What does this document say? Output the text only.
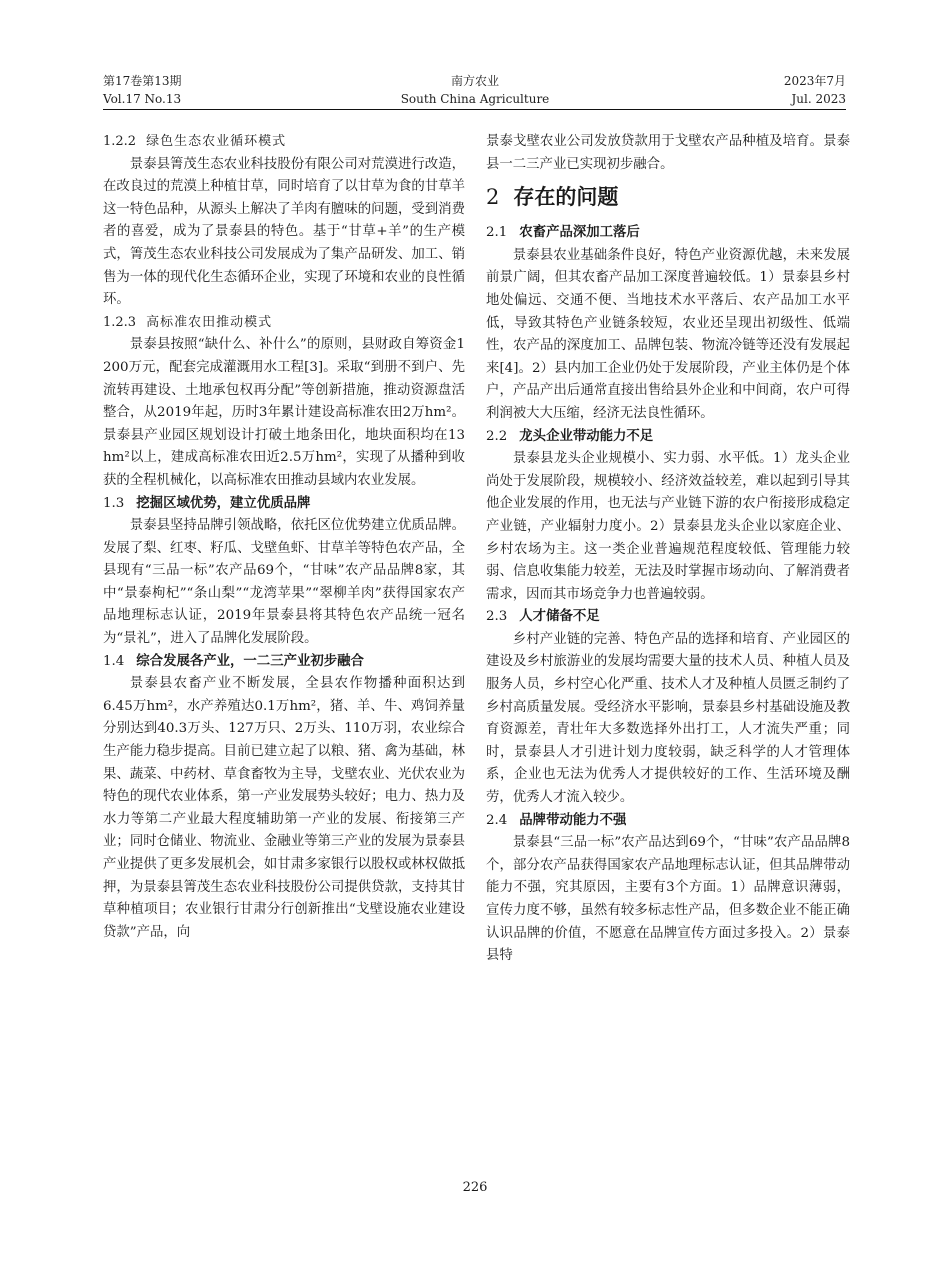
第17卷第13期
Vol.17 No.13
南方农业
South China Agriculture
2023年7月
Jul. 2023
1.2.2 绿色生态农业循环模式
景泰县箐茂生态农业科技股份有限公司对荒漠进行改造，在改良过的荒漠上种植甘草，同时培育了以甘草为食的甘草羊这一特色品种，从源头上解决了羊肉有膻味的问题，受到消费者的喜爱，成为了景泰县的特色。基于“甘草+羊”的生产模式，箐茂生态农业科技公司发展成为了集产品研发、加工、销售为一体的现代化生态循环企业，实现了环境和农业的良性循环。
1.2.3 高标准农田推动模式
景泰县按照“缺什么、补什么”的原则，县财政自筹资金1 200万元，配套完成灌溉用水工程[3]。采取“到册不到户、先流转再建设、土地承包权再分配”等创新措施，推动资源盘活整合，从2019年起，历时3年累计建设高标准农田2万hm²。景泰县产业园区规划设计打破土地条田化，地块面积均在13 hm²以上，建成高标准农田近2.5万hm²，实现了从播种到收获的全程机械化，以高标准农田推动县域内农业发展。
1.3 挖掘区域优势，建立优质品牌
景泰县坚持品牌引领战略，依托区位优势建立优质品牌。发展了梨、红枣、籽瓜、戈壁鱼虾、甘草羊等特色农产品，全县现有“三品一标”农产品69个，“甘味”农产品品牌8家，其中“景泰枸杞”“条山梨”“龙湾苹果”“翠柳羊肉”获得国家农产品地理标志认证，2019年景泰县将其特色农产品统一冠名为“景礼”，进入了品牌化发展阶段。
1.4 综合发展各产业，一二三产业初步融合
景泰县农畜产业不断发展，全县农作物播种面积达到6.45万hm²，水产养殖达0.1万hm²，猪、羊、牛、鸡饲养量分别达到40.3万头、127万只、2万头、110万羽，农业综合生产能力稳步提高。目前已建立起了以粮、猪、禽为基础，林果、蔬菜、中药材、草食畜牧为主导，戈壁农业、光伏农业为特色的现代农业体系，第一产业发展势头较好；电力、热力及水力等第二产业最大程度辅助第一产业的发展、衔接第三产业；同时仓储业、物流业、金融业等第三产业的发展为景泰县产业提供了更多发展机会，如甘肃多家银行以股权或林权做抵押，为景泰县箐茂生态农业科技股份公司提供贷款，支持其甘草种植项目；农业银行甘肃分行创新推出“戈壁设施农业建设贷款”产品，向
景泰戈壁农业公司发放贷款用于戈壁农产品种植及培育。景泰县一二三产业已实现初步融合。
2 存在的问题
2.1 农畜产品深加工落后
景泰县农业基础条件良好，特色产业资源优越，未来发展前景广阔，但其农畜产品加工深度普遍较低。1）景泰县乡村地处偏远、交通不便、当地技术水平落后、农产品加工水平低，导致其特色产业链条较短，农业还呈现出初级性、低端性，农产品的深度加工、品牌包装、物流冷链等还没有发展起来[4]。2）县内加工企业仍处于发展阶段，产业主体仍是个体户，产品产出后通常直接出售给县外企业和中间商，农户可得利润被大大压缩，经济无法良性循环。
2.2 龙头企业带动能力不足
景泰县龙头企业规模小、实力弱、水平低。1）龙头企业尚处于发展阶段，规模较小、经济效益较差，难以起到引导其他企业发展的作用，也无法与产业链下游的农户衔接形成稳定产业链，产业辐射力度小。2）景泰县龙头企业以家庭企业、乡村农场为主。这一类企业普遍规范程度较低、管理能力较弱、信息收集能力较差，无法及时掌握市场动向、了解消费者需求，因而其市场竞争力也普遍较弱。
2.3 人才储备不足
乡村产业链的完善、特色产品的选择和培育、产业园区的建设及乡村旅游业的发展均需要大量的技术人员、种植人员及服务人员，乡村空心化严重、技术人才及种植人员匮乏制约了乡村高质量发展。受经济水平影响，景泰县乡村基础设施及教育资源差，青壮年大多数选择外出打工，人才流失严重；同时，景泰县人才引进计划力度较弱，缺乏科学的人才管理体系，企业也无法为优秀人才提供较好的工作、生活环境及酬劳，优秀人才流入较少。
2.4 品牌带动能力不强
景泰县“三品一标”农产品达到69个，“甘味”农产品品牌8个，部分农产品获得国家农产品地理标志认证，但其品牌带动能力不强，究其原因，主要有3个方面。1）品牌意识薄弱，宣传力度不够，虽然有较多标志性产品，但多数企业不能正确认识品牌的价值，不愿意在品牌宣传方面过多投入。2）景泰县特
226
